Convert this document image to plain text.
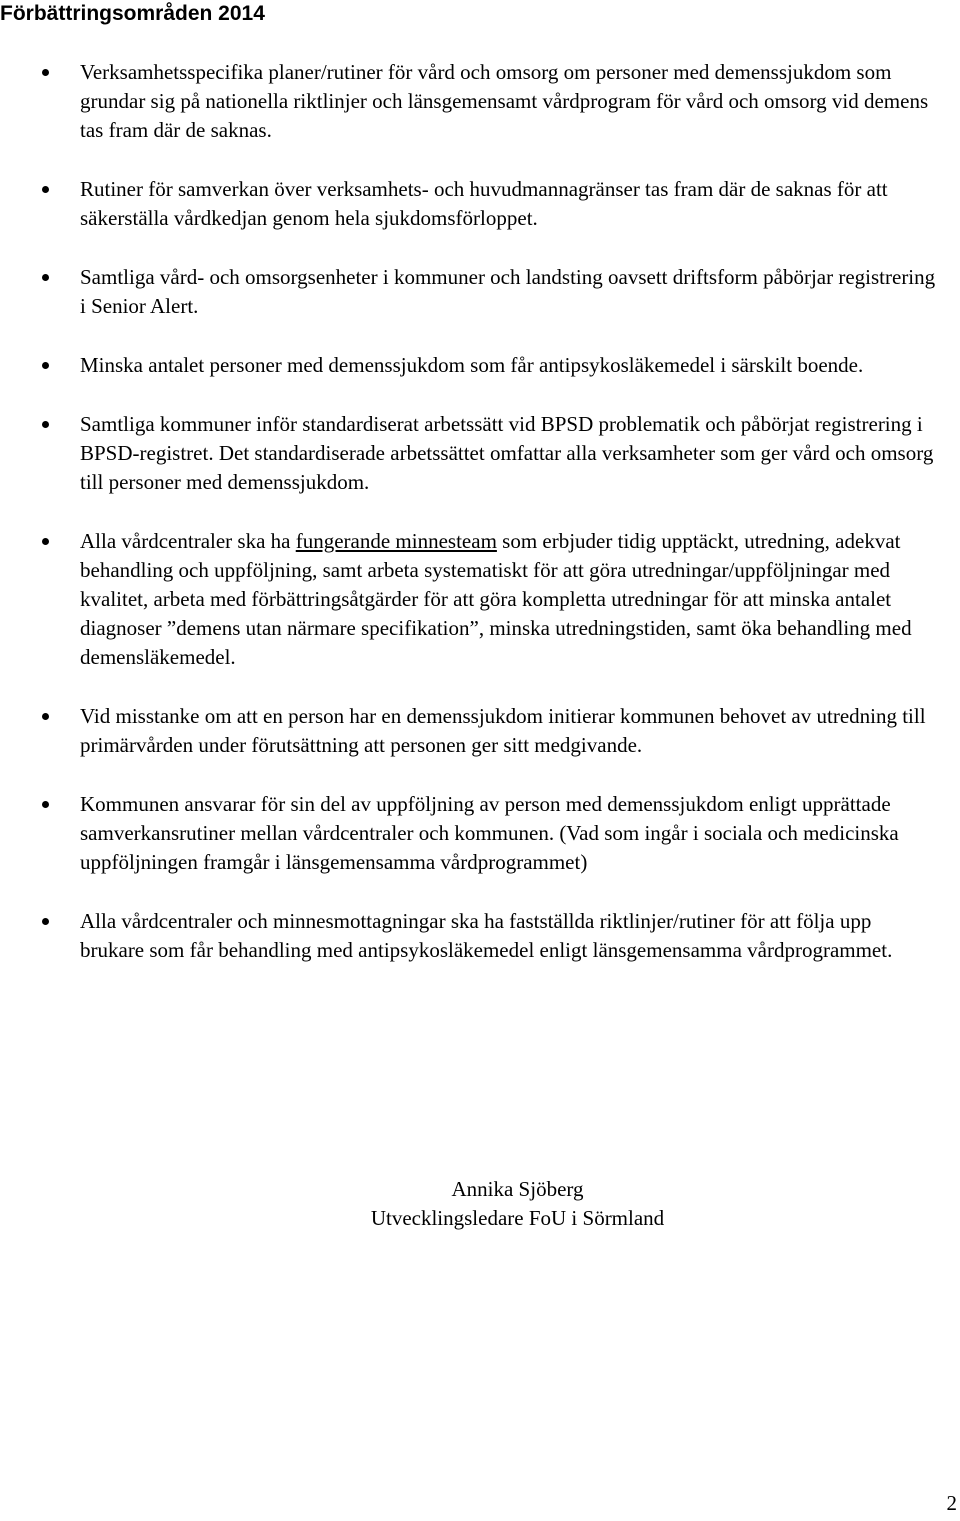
Förbättringsområden 2014
Verksamhetsspecifika planer/rutiner för vård och omsorg om personer med demenssjukdom som grundar sig på nationella riktlinjer och länsgemensamt vårdprogram för vård och omsorg vid demens tas fram där de saknas.
Rutiner för samverkan över verksamhets- och huvudmannagränser tas fram där de saknas för att säkerställa vårdkedjan genom hela sjukdomsförloppet.
Samtliga vård- och omsorgsenheter i kommuner och landsting oavsett driftsform påbörjar registrering i Senior Alert.
Minska antalet personer med demenssjukdom som får antipsykosläkemedel i särskilt boende.
Samtliga kommuner inför standardiserat arbetssätt vid BPSD problematik och påbörjat registrering i BPSD-registret. Det standardiserade arbetssättet omfattar alla verksamheter som ger vård och omsorg till personer med demenssjukdom.
Alla vårdcentraler ska ha fungerande minnesteam som erbjuder tidig upptäckt, utredning, adekvat behandling och uppföljning, samt arbeta systematiskt för att göra utredningar/uppföljningar med kvalitet, arbeta med förbättringsåtgärder för att göra kompletta utredningar för att minska antalet diagnoser ”demens utan närmare specifikation”, minska utredningstiden, samt öka behandling med demensläkemedel.
Vid misstanke om att en person har en demenssjukdom initierar kommunen behovet av utredning till primärvården under förutsättning att personen ger sitt medgivande.
Kommunen ansvarar för sin del av uppföljning av person med demenssjukdom enligt upprättade samverkansrutiner mellan vårdcentraler och kommunen. (Vad som ingår i sociala och medicinska uppföljningen framgår i länsgemensamma vårdprogrammet)
Alla vårdcentraler och minnesmottagningar ska ha fastställda riktlinjer/rutiner för att följa upp brukare som får behandling med antipsykosläkemedel enligt länsgemensamma vårdprogrammet.
Annika Sjöberg
Utvecklingsledare FoU i Sörmland
2
